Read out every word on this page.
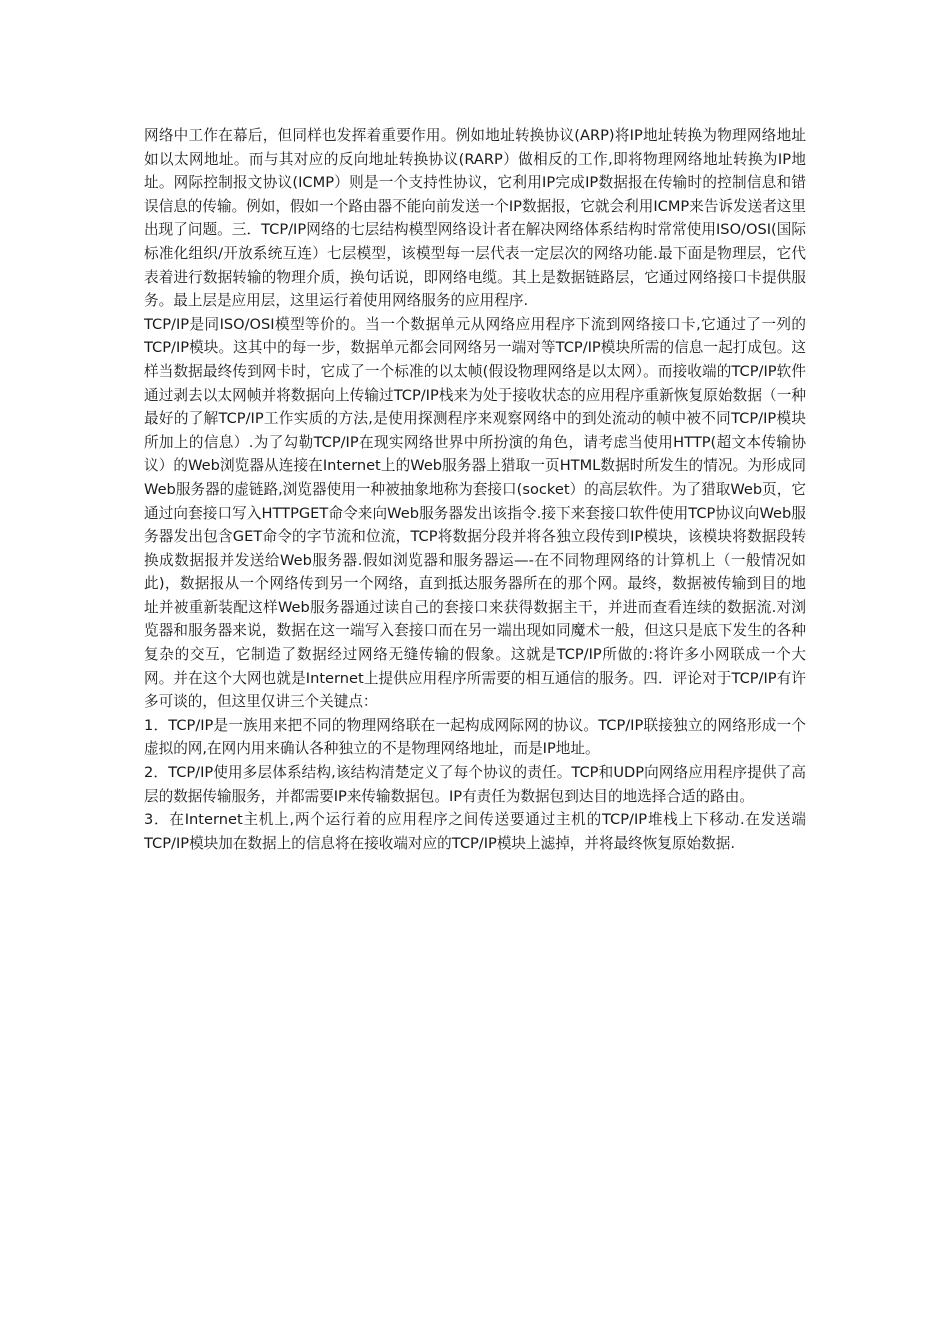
网络中工作在幕后，但同样也发挥着重要作用。例如地址转换协议(ARP)将IP地址转换为物理网络地址如以太网地址。而与其对应的反向地址转换协议(RARP）做相反的工作,即将物理网络地址转换为IP地址。网际控制报文协议(ICMP）则是一个支持性协议，它利用IP完成IP数据报在传输时的控制信息和错误信息的传输。例如，假如一个路由器不能向前发送一个IP数据报，它就会利用ICMP来告诉发送者这里出现了问题。三．TCP/IP网络的七层结构模型网络设计者在解决网络体系结构时常常使用ISO/OSI(国际标准化组织/开放系统互连）七层模型，该模型每一层代表一定层次的网络功能.最下面是物理层，它代表着进行数据转输的物理介质，换句话说，即网络电缆。其上是数据链路层，它通过网络接口卡提供服务。最上层是应用层，这里运行着使用网络服务的应用程序.

TCP/IP是同ISO/OSI模型等价的。当一个数据单元从网络应用程序下流到网络接口卡,它通过了一列的TCP/IP模块。这其中的每一步，数据单元都会同网络另一端对等TCP/IP模块所需的信息一起打成包。这样当数据最终传到网卡时，它成了一个标准的以太帧(假设物理网络是以太网）。而接收端的TCP/IP软件通过剥去以太网帧并将数据向上传输过TCP/IP栈来为处于接收状态的应用程序重新恢复原始数据（一种最好的了解TCP/IP工作实质的方法,是使用探测程序来观察网络中的到处流动的帧中被不同TCP/IP模块所加上的信息）.为了勾勒TCP/IP在现实网络世界中所扮演的角色，请考虑当使用HTTP(超文本传输协议）的Web浏览器从连接在Internet上的Web服务器上猎取一页HTML数据时所发生的情况。为形成同Web服务器的虚链路,浏览器使用一种被抽象地称为套接口(socket）的高层软件。为了猎取Web页，它通过向套接口写入HTTPGET命令来向Web服务器发出该指令.接下来套接口软件使用TCP协议向Web服务器发出包含GET命令的字节流和位流，TCP将数据分段并将各独立段传到IP模块，该模块将数据段转换成数据报并发送给Web服务器.假如浏览器和服务器运—-在不同物理网络的计算机上（一般情况如此)，数据报从一个网络传到另一个网络，直到抵达服务器所在的那个网。最终，数据被传输到目的地址并被重新装配这样Web服务器通过读自己的套接口来获得数据主干，并进而查看连续的数据流.对浏览器和服务器来说，数据在这一端写入套接口而在另一端出现如同魔术一般，但这只是底下发生的各种复杂的交互，它制造了数据经过网络无缝传输的假象。这就是TCP/IP所做的:将许多小网联成一个大网。并在这个大网也就是Internet上提供应用程序所需要的相互通信的服务。四．评论对于TCP/IP有许多可谈的，但这里仅讲三个关键点：

1．TCP/IP是一族用来把不同的物理网络联在一起构成网际网的协议。TCP/IP联接独立的网络形成一个虚拟的网,在网内用来确认各种独立的不是物理网络地址，而是IP地址。

2．TCP/IP使用多层体系结构,该结构清楚定义了每个协议的责任。TCP和UDP向网络应用程序提供了高层的数据传输服务，并都需要IP来传输数据包。IP有责任为数据包到达目的地选择合适的路由。

3．在Internet主机上,两个运行着的应用程序之间传送要通过主机的TCP/IP堆栈上下移动.在发送端TCP/IP模块加在数据上的信息将在接收端对应的TCP/IP模块上滤掉，并将最终恢复原始数据.
